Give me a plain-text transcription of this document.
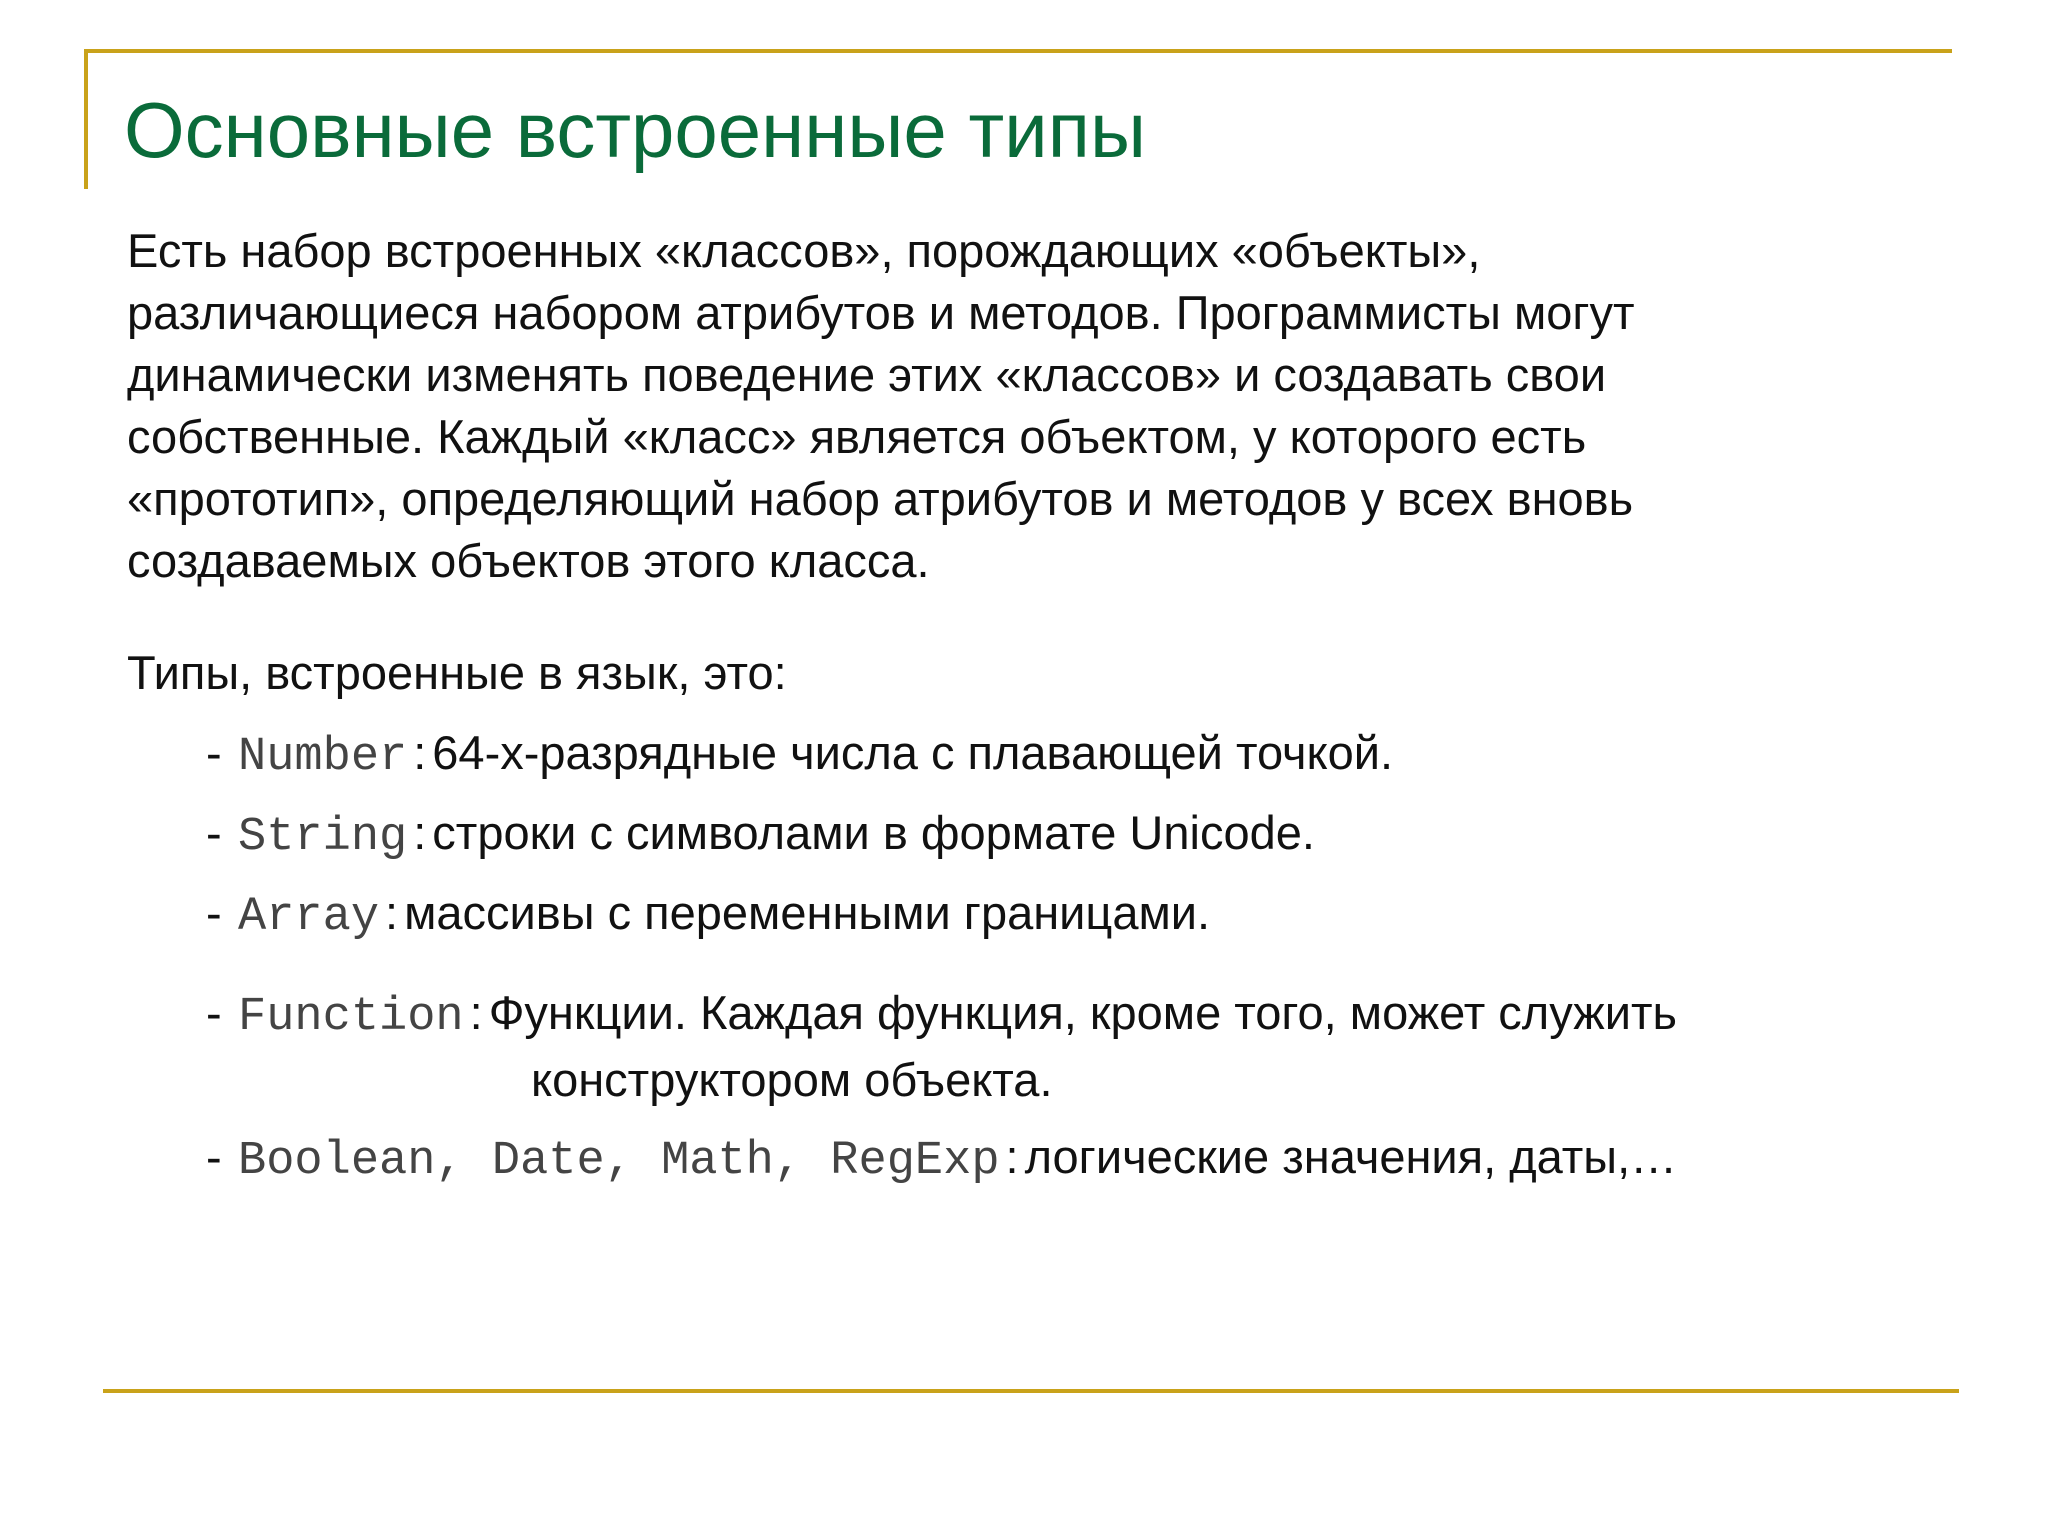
Основные встроенные типы

Есть набор встроенных «классов», порождающих «объекты»,
различающиеся набором атрибутов и методов. Программисты могут
динамически изменять поведение этих «классов» и создавать свои
собственные. Каждый «класс» является объектом, у которого есть
«прототип», определяющий набор атрибутов и методов у всех вновь
создаваемых объектов этого класса.

Типы, встроенные в язык, это:

- Number : 64-х-разрядные числа с плавающей точкой.
- String : строки с символами в формате Unicode.
- Array : массивы с переменными границами.
- Function : Функции. Каждая функция, кроме того, может служить
конструктором объекта.
- Boolean, Date, Math, RegExp : логические значения, даты,…
